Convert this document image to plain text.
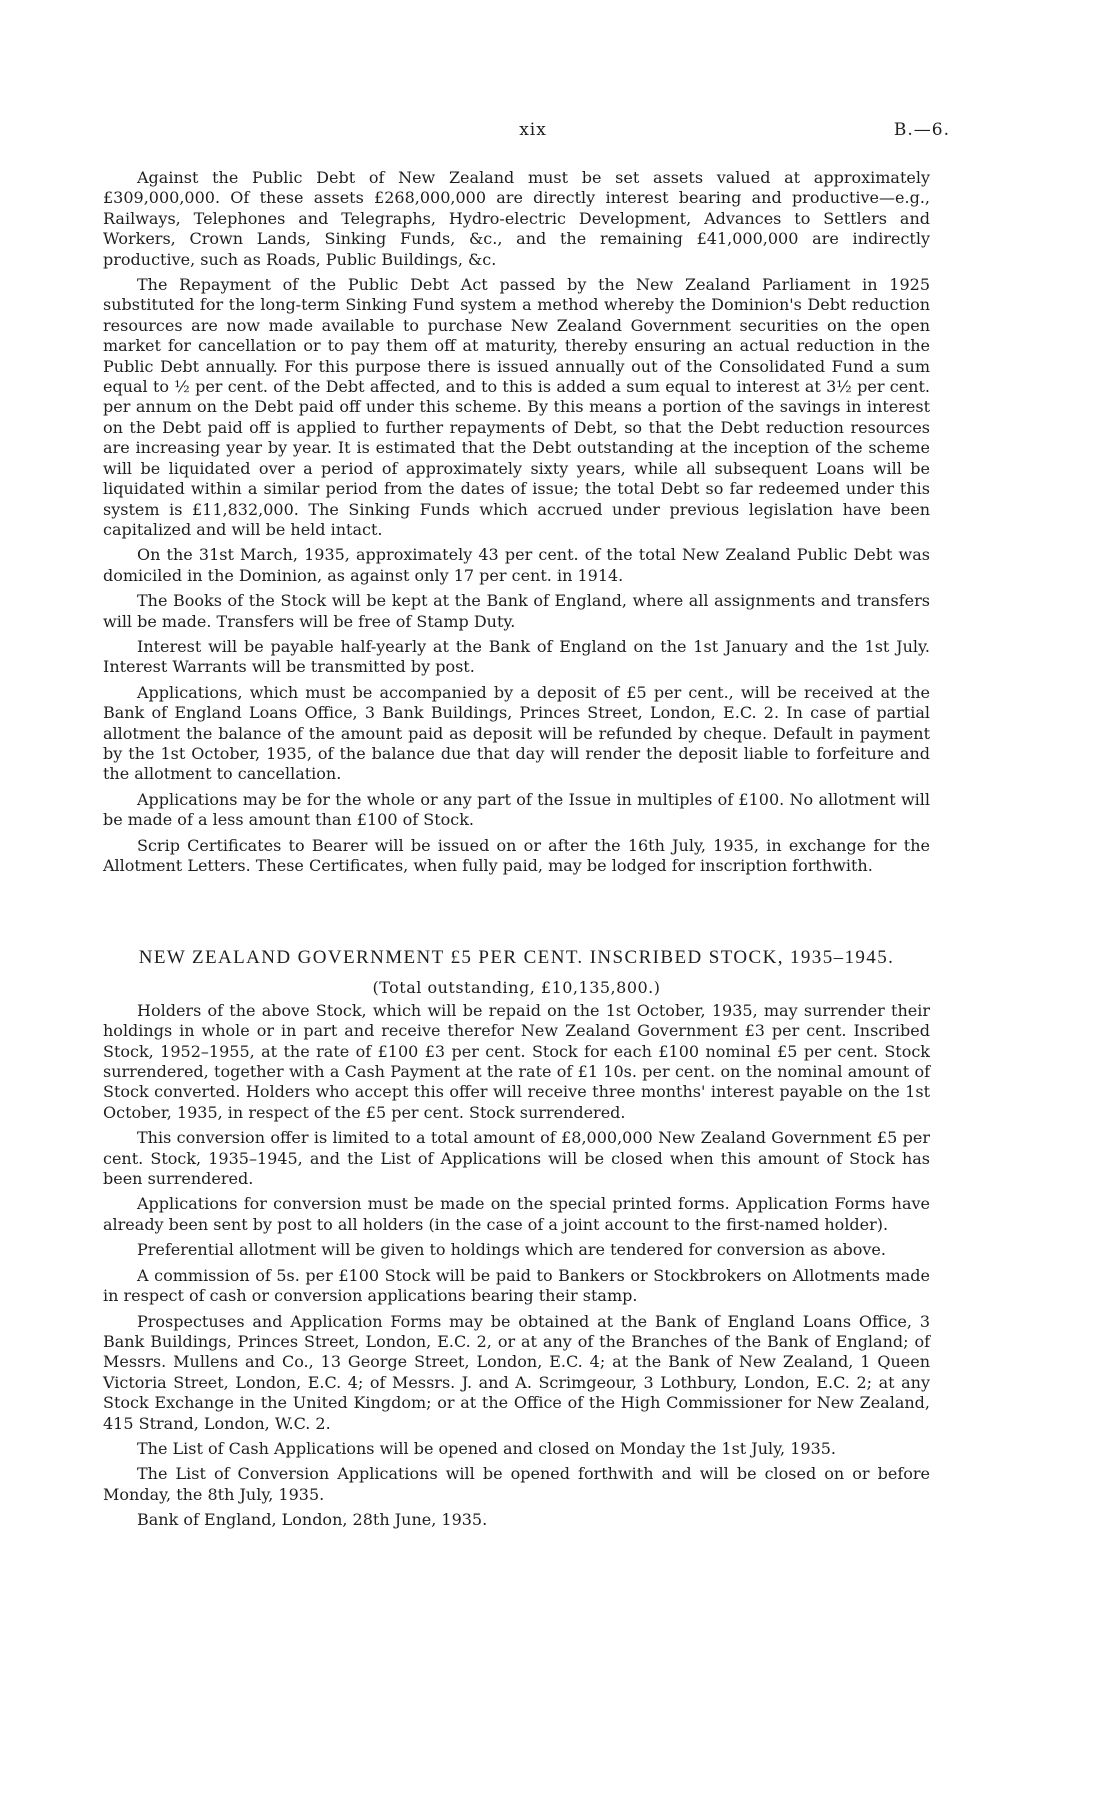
xix	B.—6.

Against the Public Debt of New Zealand must be set assets valued at approximately £309,000,000. Of these assets £268,000,000 are directly interest bearing and productive—e.g., Railways, Telephones and Telegraphs, Hydro-electric Development, Advances to Settlers and Workers, Crown Lands, Sinking Funds, &c., and the remaining £41,000,000 are indirectly productive, such as Roads, Public Buildings, &c.

The Repayment of the Public Debt Act passed by the New Zealand Parliament in 1925 substituted for the long-term Sinking Fund system a method whereby the Dominion's Debt reduction resources are now made available to purchase New Zealand Government securities on the open market for cancellation or to pay them off at maturity, thereby ensuring an actual reduction in the Public Debt annually. For this purpose there is issued annually out of the Consolidated Fund a sum equal to ½ per cent. of the Debt affected, and to this is added a sum equal to interest at 3½ per cent. per annum on the Debt paid off under this scheme. By this means a portion of the savings in interest on the Debt paid off is applied to further repayments of Debt, so that the Debt reduction resources are increasing year by year. It is estimated that the Debt outstanding at the inception of the scheme will be liquidated over a period of approximately sixty years, while all subsequent Loans will be liquidated within a similar period from the dates of issue; the total Debt so far redeemed under this system is £11,832,000. The Sinking Funds which accrued under previous legislation have been capitalized and will be held intact.

On the 31st March, 1935, approximately 43 per cent. of the total New Zealand Public Debt was domiciled in the Dominion, as against only 17 per cent. in 1914.

The Books of the Stock will be kept at the Bank of England, where all assignments and transfers will be made. Transfers will be free of Stamp Duty.

Interest will be payable half-yearly at the Bank of England on the 1st January and the 1st July. Interest Warrants will be transmitted by post.

Applications, which must be accompanied by a deposit of £5 per cent., will be received at the Bank of England Loans Office, 3 Bank Buildings, Princes Street, London, E.C. 2. In case of partial allotment the balance of the amount paid as deposit will be refunded by cheque. Default in payment by the 1st October, 1935, of the balance due that day will render the deposit liable to forfeiture and the allotment to cancellation.

Applications may be for the whole or any part of the Issue in multiples of £100. No allotment will be made of a less amount than £100 of Stock.

Scrip Certificates to Bearer will be issued on or after the 16th July, 1935, in exchange for the Allotment Letters. These Certificates, when fully paid, may be lodged for inscription forthwith.

NEW ZEALAND GOVERNMENT £5 PER CENT. INSCRIBED STOCK, 1935–1945.
(Total outstanding, £10,135,800.)

Holders of the above Stock, which will be repaid on the 1st October, 1935, may surrender their holdings in whole or in part and receive therefor New Zealand Government £3 per cent. Inscribed Stock, 1952–1955, at the rate of £100 £3 per cent. Stock for each £100 nominal £5 per cent. Stock surrendered, together with a Cash Payment at the rate of £1 10s. per cent. on the nominal amount of Stock converted. Holders who accept this offer will receive three months' interest payable on the 1st October, 1935, in respect of the £5 per cent. Stock surrendered.

This conversion offer is limited to a total amount of £8,000,000 New Zealand Government £5 per cent. Stock, 1935–1945, and the List of Applications will be closed when this amount of Stock has been surrendered.

Applications for conversion must be made on the special printed forms. Application Forms have already been sent by post to all holders (in the case of a joint account to the first-named holder).

Preferential allotment will be given to holdings which are tendered for conversion as above.

A commission of 5s. per £100 Stock will be paid to Bankers or Stockbrokers on Allotments made in respect of cash or conversion applications bearing their stamp.

Prospectuses and Application Forms may be obtained at the Bank of England Loans Office, 3 Bank Buildings, Princes Street, London, E.C. 2, or at any of the Branches of the Bank of England; of Messrs. Mullens and Co., 13 George Street, London, E.C. 4; at the Bank of New Zealand, 1 Queen Victoria Street, London, E.C. 4; of Messrs. J. and A. Scrimgeour, 3 Lothbury, London, E.C. 2; at any Stock Exchange in the United Kingdom; or at the Office of the High Commissioner for New Zealand, 415 Strand, London, W.C. 2.

The List of Cash Applications will be opened and closed on Monday the 1st July, 1935.

The List of Conversion Applications will be opened forthwith and will be closed on or before Monday, the 8th July, 1935.

Bank of England, London, 28th June, 1935.
